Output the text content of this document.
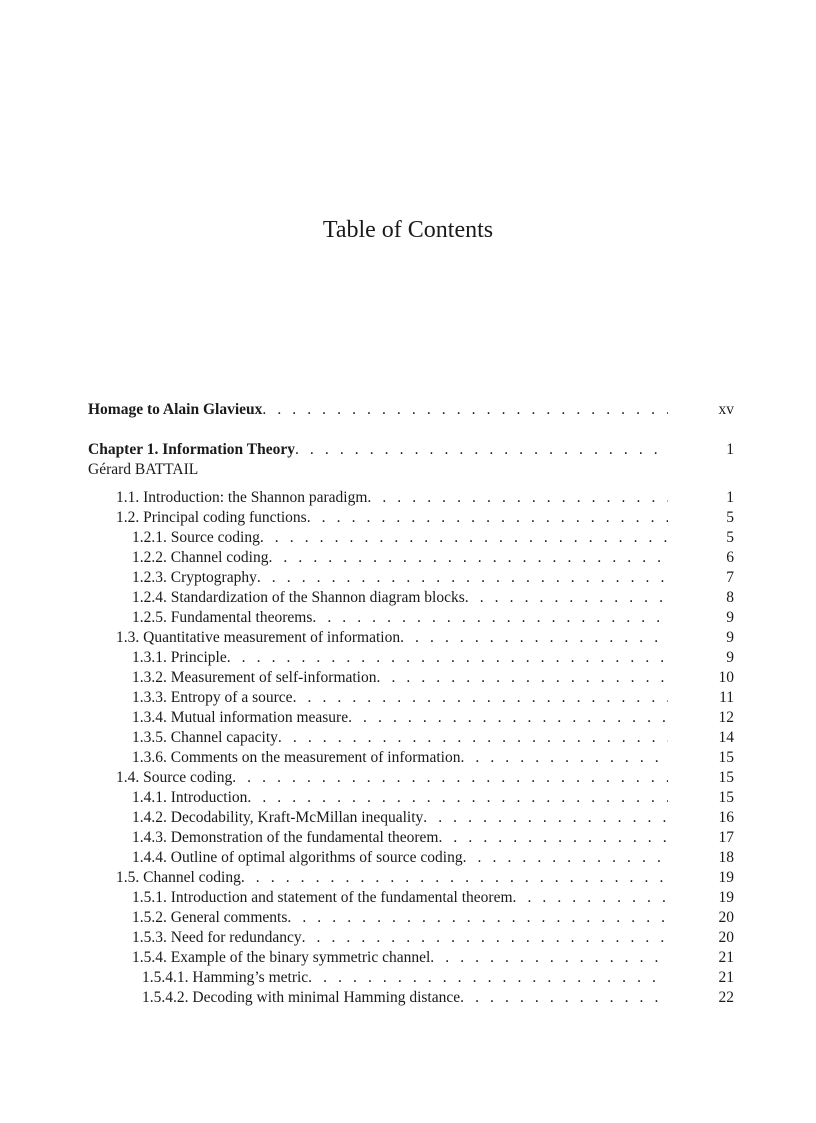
Table of Contents
Homage to Alain Glavieux . . .	xv
Chapter 1. Information Theory . . .	1
Gérard BATTAIL
1.1. Introduction: the Shannon paradigm . . .	1
1.2. Principal coding functions . . .	5
1.2.1. Source coding . . .	5
1.2.2. Channel coding . . .	6
1.2.3. Cryptography . . .	7
1.2.4. Standardization of the Shannon diagram blocks . . .	8
1.2.5. Fundamental theorems . . .	9
1.3. Quantitative measurement of information . . .	9
1.3.1. Principle . . .	9
1.3.2. Measurement of self-information . . .	10
1.3.3. Entropy of a source . . .	11
1.3.4. Mutual information measure . . .	12
1.3.5. Channel capacity . . .	14
1.3.6. Comments on the measurement of information . . .	15
1.4. Source coding . . .	15
1.4.1. Introduction . . .	15
1.4.2. Decodability, Kraft-McMillan inequality . . .	16
1.4.3. Demonstration of the fundamental theorem . . .	17
1.4.4. Outline of optimal algorithms of source coding . . .	18
1.5. Channel coding . . .	19
1.5.1. Introduction and statement of the fundamental theorem . . .	19
1.5.2. General comments . . .	20
1.5.3. Need for redundancy . . .	20
1.5.4. Example of the binary symmetric channel . . .	21
1.5.4.1. Hamming’s metric . . .	21
1.5.4.2. Decoding with minimal Hamming distance . . .	22
